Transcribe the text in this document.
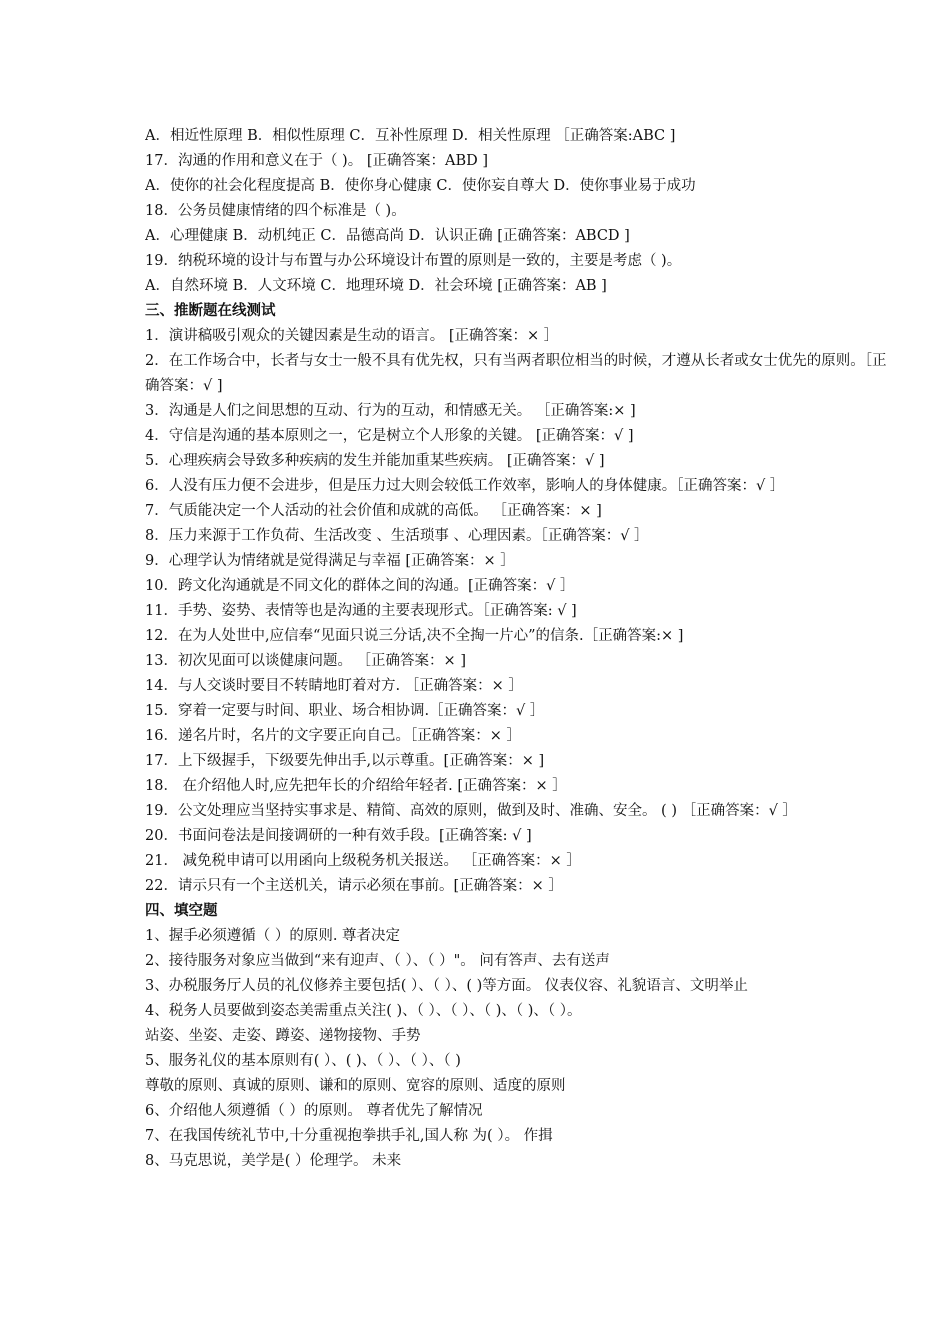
A．相近性原理 B．相似性原理 C．互补性原理 D．相关性原理 ［正确答案:ABC ]
17．沟通的作用和意义在于（ )。 [正确答案：ABD ]
A．使你的社会化程度提高 B．使你身心健康 C．使你妄自尊大 D．使你事业易于成功
18．公务员健康情绪的四个标准是（ )。
A．心理健康 B．动机纯正 C．品德高尚 D．认识正确 [正确答案：ABCD ]
19．纳税环境的设计与布置与办公环境设计布置的原则是一致的，主要是考虑（ )。
A．自然环境 B．人文环境 C．地理环境 D．社会环境 [正确答案：AB ]
三、推断题在线测试
1．演讲稿吸引观众的关键因素是生动的语言。 [正确答案：× ］
2．在工作场合中，长者与女士一般不具有优先权，只有当两者职位相当的时候，才遵从长者或女士优先的原则。［正确答案：√ ]
3．沟通是人们之间思想的互动、行为的互动，和情感无关。 ［正确答案:× ]
4．守信是沟通的基本原则之一，它是树立个人形象的关键。 [正确答案：√ ]
5．心理疾病会导致多种疾病的发生并能加重某些疾病。 [正确答案：√ ]
6．人没有压力便不会进步，但是压力过大则会较低工作效率，影响人的身体健康。［正确答案：√ ］
7．气质能决定一个人活动的社会价值和成就的高低。 ［正确答案：× ]
8．压力来源于工作负荷、生活改变 、生活琐事 、心理因素。［正确答案：√ ］
9．心理学认为情绪就是觉得满足与幸福 [正确答案：× ］
10．跨文化沟通就是不同文化的群体之间的沟通。[正确答案：√ ］
11．手势、姿势、表情等也是沟通的主要表现形式。［正确答案: √ ]
12．在为人处世中,应信奉“见面只说三分话,决不全掏一片心”的信条.［正确答案:× ]
13．初次见面可以谈健康问题。 ［正确答案：× ]
14．与人交谈时要目不转睛地盯着对方. ［正确答案：× ］
15．穿着一定要与时间、职业、场合相协调.［正确答案：√ ］
16．递名片时，名片的文字要正向自己。［正确答案：× ］
17．上下级握手，下级要先伸出手,以示尊重。[正确答案：× ]
18． 在介绍他人时,应先把年长的介绍给年轻者. [正确答案：× ］
19．公文处理应当坚持实事求是、精简、高效的原则，做到及时、准确、安全。 ( ) ［正确答案：√ ］
20．书面问卷法是间接调研的一种有效手段。[正确答案: √ ]
21． 减免税申请可以用函向上级税务机关报送。 ［正确答案：× ］
22．请示只有一个主送机关，请示必须在事前。[正确答案：× ］
四、填空题
1、握手必须遵循（ ）的原则. 尊者决定
2、接待服务对象应当做到“来有迎声、（ ）、（ ）"。 问有答声、去有送声
3、办税服务厅人员的礼仪修养主要包括( ）、（ ）、( )等方面。 仪表仪容、礼貌语言、文明举止
4、税务人员要做到姿态美需重点关注( )、（ ）、（ ）、（ )、（ )、（ ）。
站姿、坐姿、走姿、蹲姿、递物接物、手势
5、服务礼仪的基本原则有( ）、( )、（ ）、（ ）、（ )
尊敬的原则、真诚的原则、谦和的原则、宽容的原则、适度的原则
6、介绍他人须遵循（ ）的原则。 尊者优先了解情况
7、在我国传统礼节中,十分重视抱拳拱手礼,国人称 为( ）。 作揖
8、马克思说，美学是( ）伦理学。 未来
